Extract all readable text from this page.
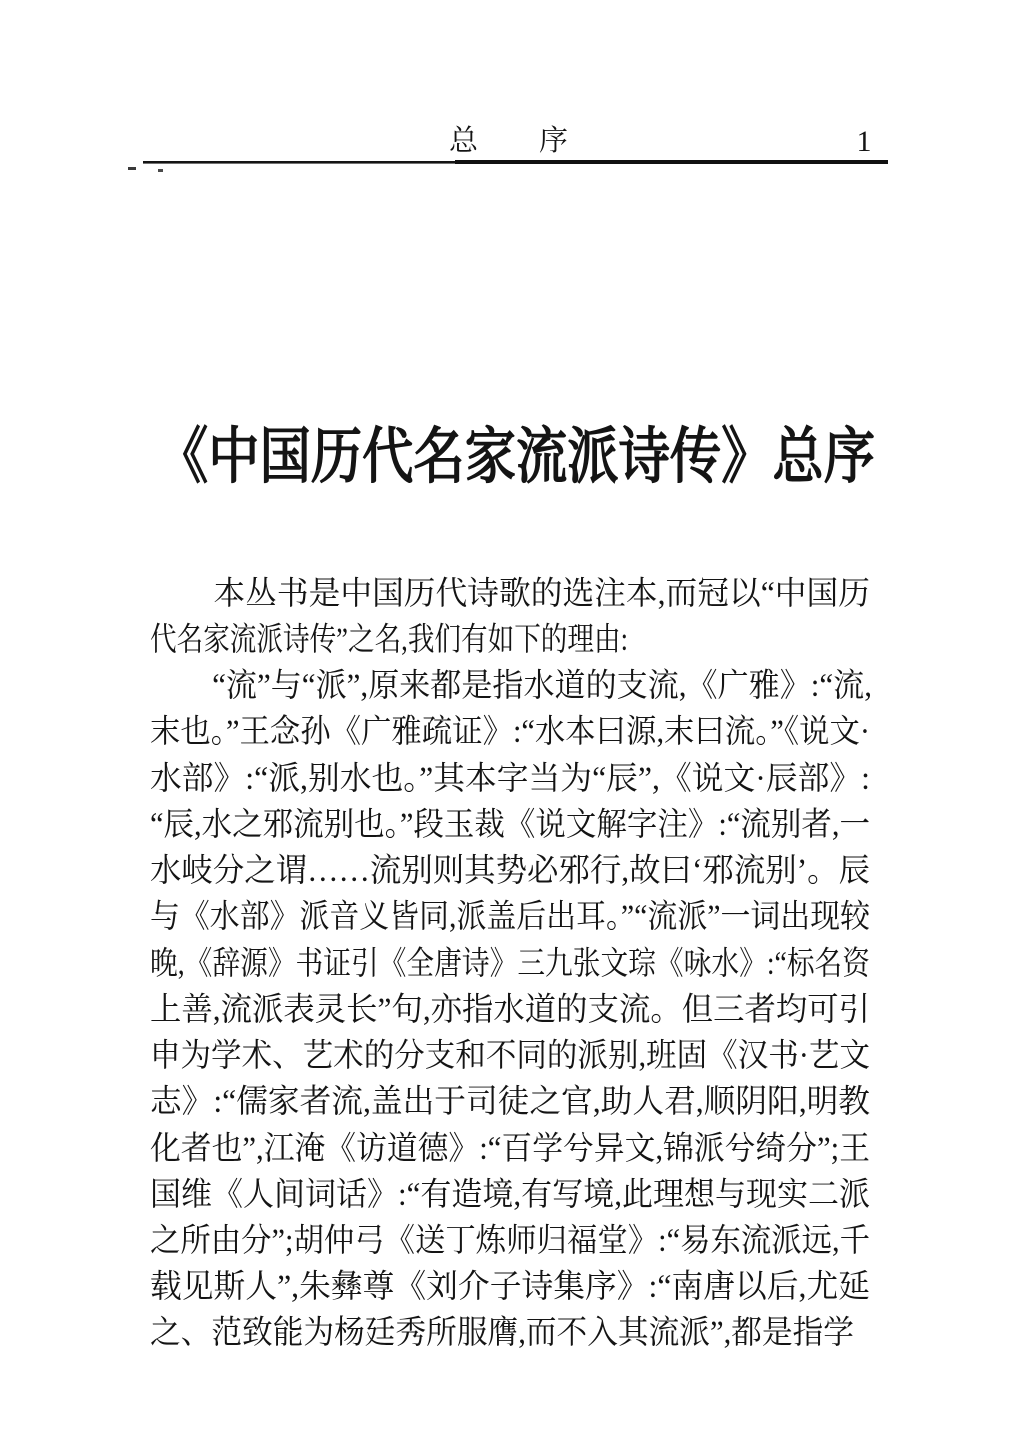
总　　序	1
《中国历代名家流派诗传》总序
　　本丛书是中国历代诗歌的选注本,而冠以“中国历
代名家流派诗传”之名,我们有如下的理由:
　　“流”与“派”,原来都是指水道的支流,《广雅》:“流,
末也。”王念孙《广雅疏证》:“水本曰源,末曰流。”《说文·
水部》:“派,别水也。”其本字当为“辰”,《说文·辰部》:
“辰,水之邪流别也。”段玉裁《说文解字注》:“流别者,一
水岐分之谓……流别则其势必邪行,故曰‘邪流别’。辰
与《水部》派音义皆同,派盖后出耳。”“流派”一词出现较
晚,《辞源》书证引《全唐诗》三九张文琮《咏水》:“标名资
上善,流派表灵长”句,亦指水道的支流。但三者均可引
申为学术、艺术的分支和不同的派别,班固《汉书·艺文
志》:“儒家者流,盖出于司徒之官,助人君,顺阴阳,明教
化者也”,江淹《访道德》:“百学兮异文,锦派兮绮分”;王
国维《人间词话》:“有造境,有写境,此理想与现实二派
之所由分”;胡仲弓《送丁炼师归福堂》:“易东流派远,千
载见斯人”,朱彝尊《刘介子诗集序》:“南唐以后,尤延
之、范致能为杨廷秀所服膺,而不入其流派”,都是指学
